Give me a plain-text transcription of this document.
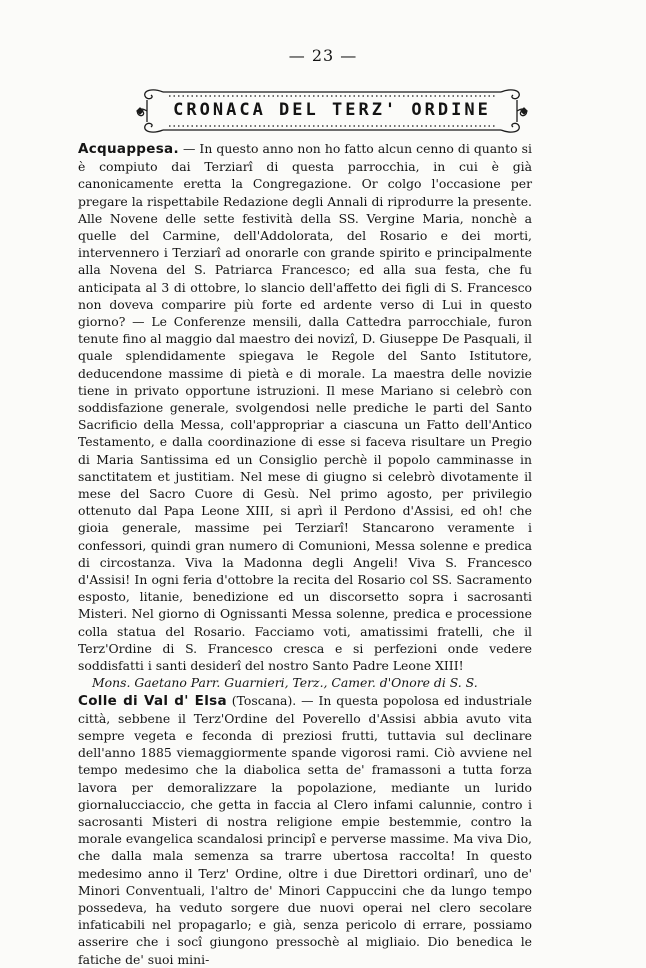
— 23 —
CRONACA DEL TERZ' ORDINE

Acquappesa. — In questo anno non ho fatto alcun cenno di quanto si è compiuto dai Terziarî di questa parrocchia, in cui è già canonicamente eretta la Congregazione. Or colgo l'occasione per pregare la rispettabile Redazione degli Annali di riprodurre la presente. Alle Novene delle sette festività della SS. Vergine Maria, nonchè a quelle del Carmine, dell'Addolorata, del Rosario e dei morti, intervennero i Terziarî ad onorarle con grande spirito e principalmente alla Novena del S. Patriarca Francesco; ed alla sua festa, che fu anticipata al 3 di ottobre, lo slancio dell'affetto dei figli di S. Francesco non doveva comparire più forte ed ardente verso di Lui in questo giorno? — Le Conferenze mensili, dalla Cattedra parrocchiale, furon tenute fino al maggio dal maestro dei novizî, D. Giuseppe De Pasquali, il quale splendidamente spiegava le Regole del Santo Istitutore, deducendone massime di pietà e di morale. La maestra delle novizie tiene in privato opportune istruzioni. Il mese Mariano si celebrò con soddisfazione generale, svolgendosi nelle prediche le parti del Santo Sacrificio della Messa, coll'appropriar a ciascuna un Fatto dell'Antico Testamento, e dalla coordinazione di esse si faceva risultare un Pregio di Maria Santissima ed un Consiglio perchè il popolo camminasse in sanctitatem et justitiam. Nel mese di giugno si celebrò divotamente il mese del Sacro Cuore di Gesù. Nel primo agosto, per privilegio ottenuto dal Papa Leone XIII, si aprì il Perdono d'Assisi, ed oh! che gioia generale, massime pei Terziarî! Stancarono veramente i confessori, quindi gran numero di Comunioni, Messa solenne e predica di circostanza. Viva la Madonna degli Angeli! Viva S. Francesco d'Assisi! In ogni feria d'ottobre la recita del Rosario col SS. Sacramento esposto, litanie, benedizione ed un discorsetto sopra i sacrosanti Misteri. Nel giorno di Ognissanti Messa solenne, predica e processione colla statua del Rosario. Facciamo voti, amatissimi fratelli, che il Terz'Ordine di S. Francesco cresca e si perfezioni onde vedere soddisfatti i santi desiderî del nostro Santo Padre Leone XIII!

Mons. Gaetano Parr. Guarnieri, Terz., Camer. d'Onore di S. S.

Colle di Val d' Elsa (Toscana). — In questa popolosa ed industriale città, sebbene il Terz'Ordine del Poverello d'Assisi abbia avuto vita sempre vegeta e feconda di preziosi frutti, tuttavia sul declinare dell'anno 1885 viemaggiormente spande vigorosi rami. Ciò avviene nel tempo medesimo che la diabolica setta de' framassoni a tutta forza lavora per demoralizzare la popolazione, mediante un lurido giornalucciaccio, che getta in faccia al Clero infami calunnie, contro i sacrosanti Misteri di nostra religione empie bestemmie, contro la morale evangelica scandalosi principî e perverse massime. Ma viva Dio, che dalla mala semenza sa trarre ubertosa raccolta! In questo medesimo anno il Terz' Ordine, oltre i due Direttori ordinarî, uno de' Minori Conventuali, l'altro de' Minori Cappuccini che da lungo tempo possedeva, ha veduto sorgere due nuovi operai nel clero secolare infaticabili nel propagarlo; e già, senza pericolo di errare, possiamo asserire che i socî giungono pressochè al migliaio. Dio benedica le fatiche de' suoi mini-
